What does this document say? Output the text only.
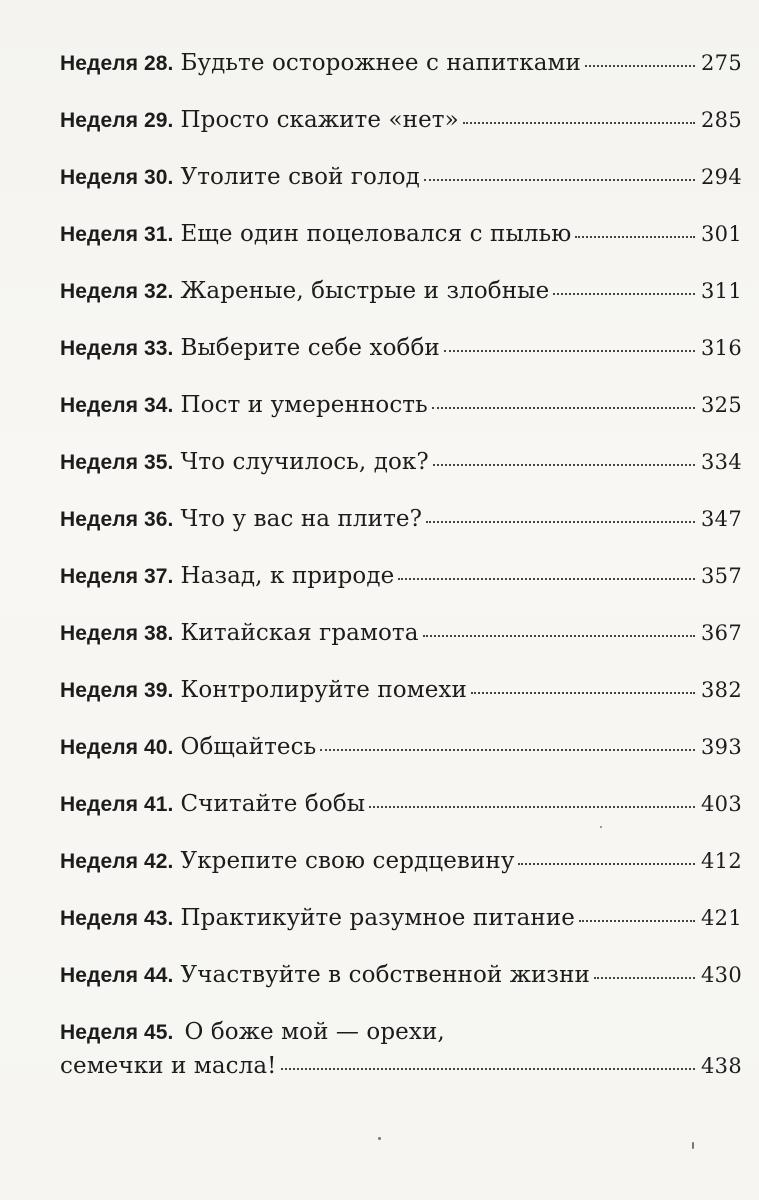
Неделя 28. Будьте осторожнее с напитками	275
Неделя 29. Просто скажите «нет»	285
Неделя 30. Утолите свой голод	294
Неделя 31. Еще один поцеловался с пылью	301
Неделя 32. Жареные, быстрые и злобные	311
Неделя 33. Выберите себе хобби	316
Неделя 34. Пост и умеренность	325
Неделя 35. Что случилось, док?	334
Неделя 36. Что у вас на плите?	347
Неделя 37. Назад, к природе	357
Неделя 38. Китайская грамота	367
Неделя 39. Контролируйте помехи	382
Неделя 40. Общайтесь	393
Неделя 41. Считайте бобы	403
Неделя 42. Укрепите свою сердцевину	412
Неделя 43. Практикуйте разумное питание	421
Неделя 44. Участвуйте в собственной жизни	430
Неделя 45. О боже мой — орехи,
семечки и масла!	438
